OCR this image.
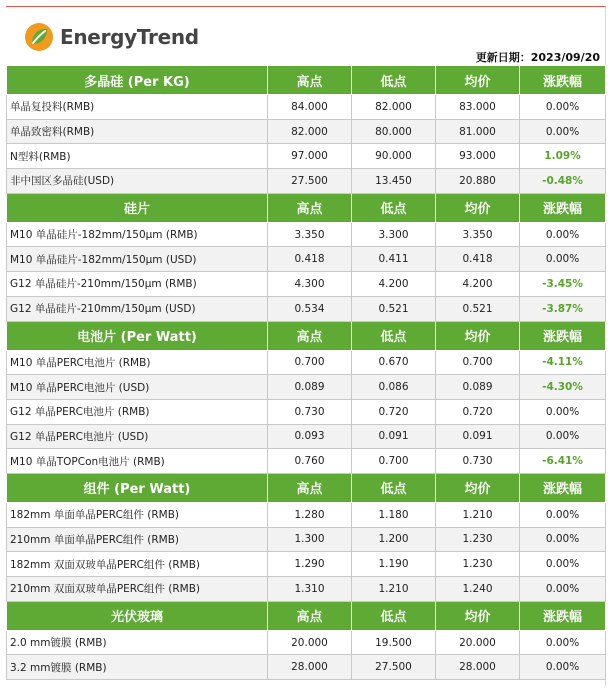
EnergyTrend
更新日期：2023/09/20
多晶硅 (Per KG)	高点	低点	均价	涨跌幅
单晶复投料(RMB)	84.000	82.000	83.000	0.00%
单晶致密料(RMB)	82.000	80.000	81.000	0.00%
N型料(RMB)	97.000	90.000	93.000	1.09%
非中国区多晶硅(USD)	27.500	13.450	20.880	-0.48%
硅片	高点	低点	均价	涨跌幅
M10 单晶硅片-182mm/150μm (RMB)	3.350	3.300	3.350	0.00%
M10 单晶硅片-182mm/150μm (USD)	0.418	0.411	0.418	0.00%
G12 单晶硅片-210mm/150μm (RMB)	4.300	4.200	4.200	-3.45%
G12 单晶硅片-210mm/150μm (USD)	0.534	0.521	0.521	-3.87%
电池片 (Per Watt)	高点	低点	均价	涨跌幅
M10 单晶PERC电池片 (RMB)	0.700	0.670	0.700	-4.11%
M10 单晶PERC电池片 (USD)	0.089	0.086	0.089	-4.30%
G12 单晶PERC电池片 (RMB)	0.730	0.720	0.720	0.00%
G12 单晶PERC电池片 (USD)	0.093	0.091	0.091	0.00%
M10 单晶TOPCon电池片 (RMB)	0.760	0.700	0.730	-6.41%
组件 (Per Watt)	高点	低点	均价	涨跌幅
182mm 单面单晶PERC组件 (RMB)	1.280	1.180	1.210	0.00%
210mm 单面单晶PERC组件 (RMB)	1.300	1.200	1.230	0.00%
182mm 双面双玻单晶PERC组件 (RMB)	1.290	1.190	1.230	0.00%
210mm 双面双玻单晶PERC组件 (RMB)	1.310	1.210	1.240	0.00%
光伏玻璃	高点	低点	均价	涨跌幅
2.0 mm镀膜 (RMB)	20.000	19.500	20.000	0.00%
3.2 mm镀膜 (RMB)	28.000	27.500	28.000	0.00%
